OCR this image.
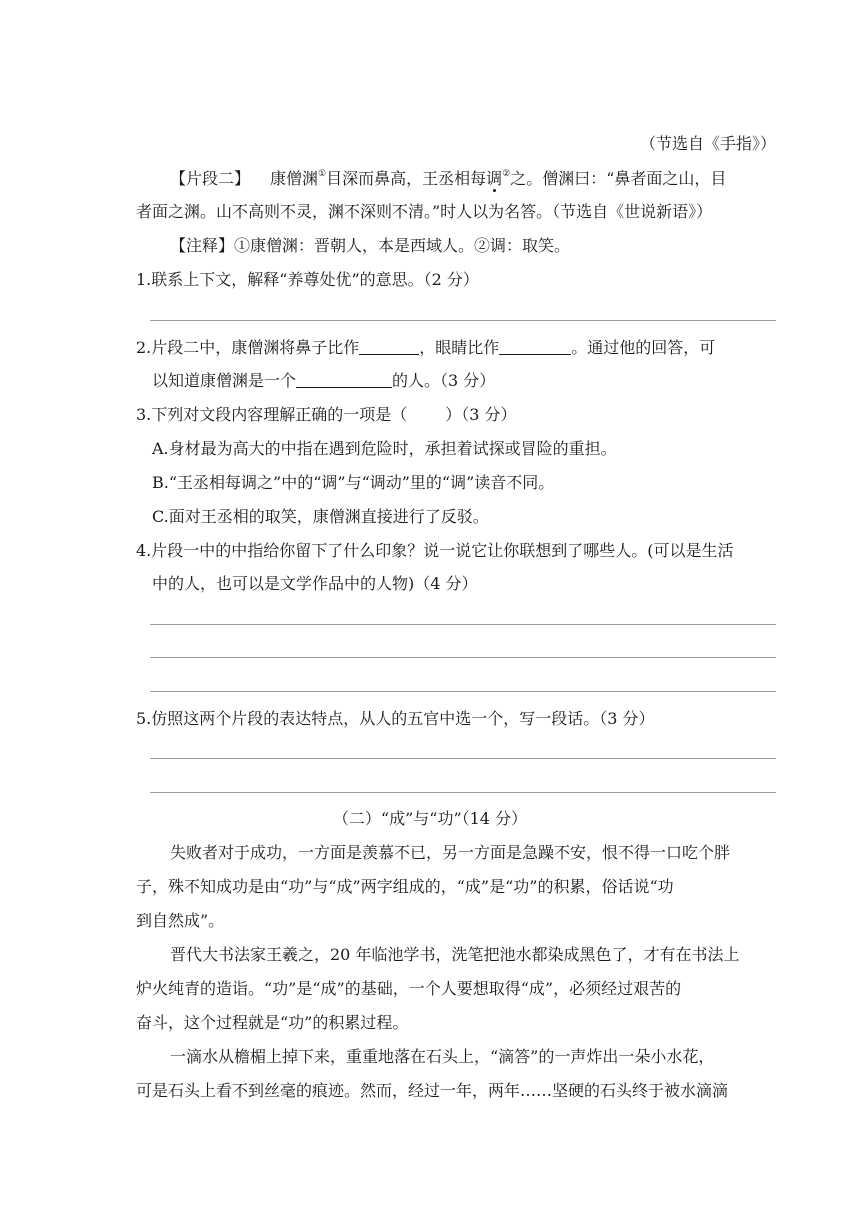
（节选自《手指》）
【片段二】 康僧渊①目深而鼻高，王丞相每调②之。僧渊曰：“鼻者面之山，目
者面之渊。山不高则不灵，渊不深则不清。”时人以为名答。（节选自《世说新语》）
【注释】①康僧渊：晋朝人，本是西域人。②调：取笑。
1.联系上下文，解释“养尊处优”的意思。（2 分）
2.片段二中，康僧渊将鼻子比作	，眼睛比作	。通过他的回答，可
以知道康僧渊是一个	的人。（3 分）
3.下列对文段内容理解正确的一项是（ ）（3 分）
A.身材最为高大的中指在遇到危险时，承担着试探或冒险的重担。
B.“王丞相每调之”中的“调”与“调动”里的“调”读音不同。
C.面对王丞相的取笑，康僧渊直接进行了反驳。
4.片段一中的中指给你留下了什么印象？说一说它让你联想到了哪些人。(可以是生活
中的人，也可以是文学作品中的人物)（4 分）
5.仿照这两个片段的表达特点，从人的五官中选一个，写一段话。（3 分）
（二）“成”与“功”（14 分）
失败者对于成功，一方面是羡慕不已，另一方面是急躁不安，恨不得一口吃个胖
子，殊不知成功是由“功”与“成”两字组成的，“成”是“功”的积累，俗话说“功
到自然成”。
晋代大书法家王羲之，20 年临池学书，洗笔把池水都染成黑色了，才有在书法上
炉火纯青的造诣。“功”是“成”的基础，一个人要想取得“成”，必须经过艰苦的
奋斗，这个过程就是“功”的积累过程。
一滴水从檐楣上掉下来，重重地落在石头上，“滴答”的一声炸出一朵小水花，
可是石头上看不到丝毫的痕迹。然而，经过一年，两年……坚硬的石头终于被水滴滴
